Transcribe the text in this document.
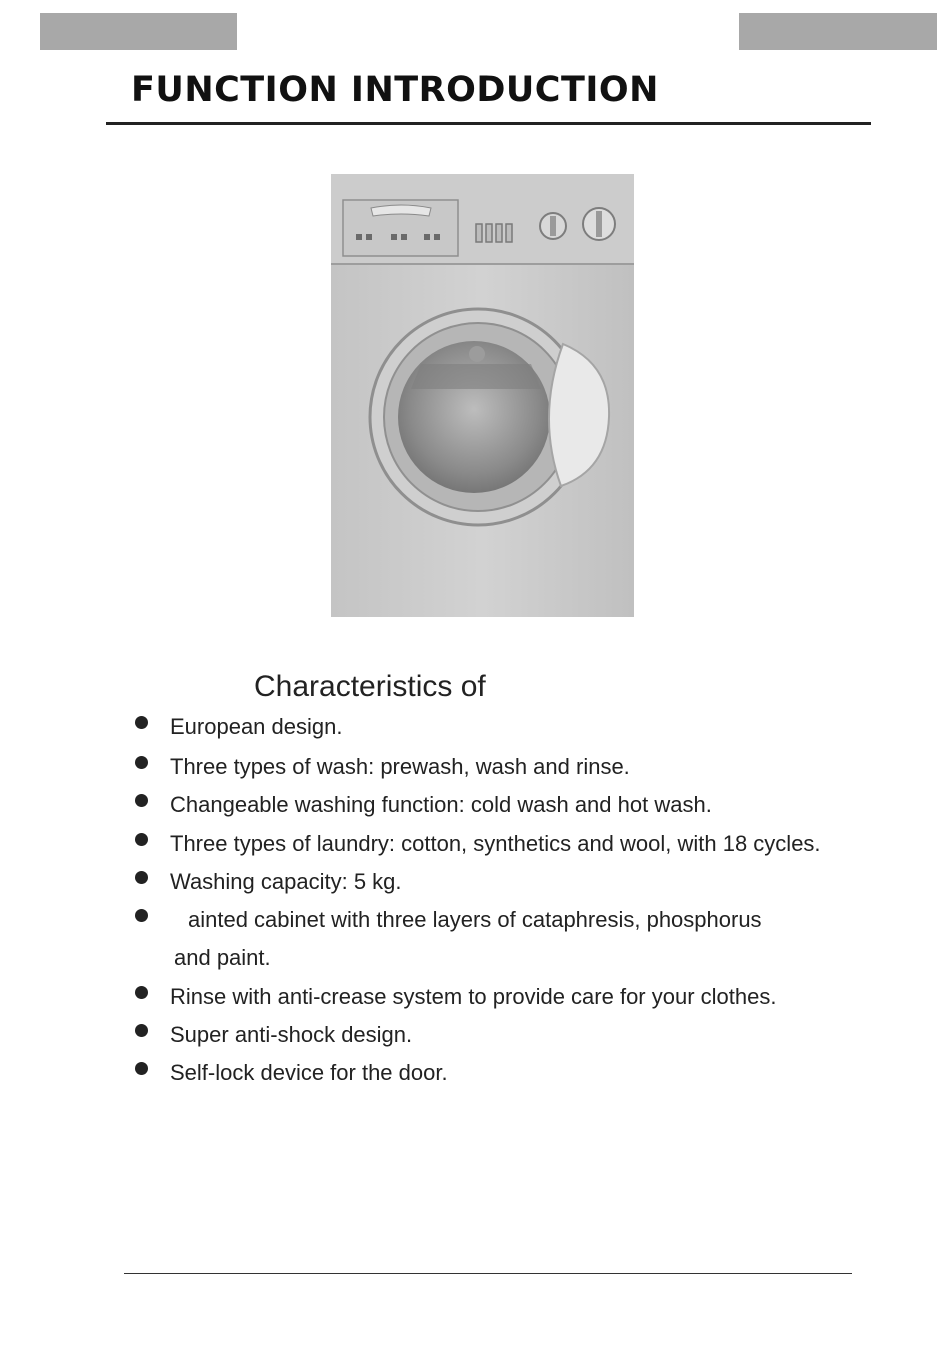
FUNCTION INTRODUCTION
Characteristics of
European design.
Three types of wash: prewash, wash and rinse.
Changeable washing function: cold wash and hot wash.
Three types of laundry: cotton, synthetics and wool, with 18 cycles.
Washing capacity: 5 kg.
ainted cabinet with three layers of cataphresis, phosphorus
and paint.
Rinse with anti-crease system to provide care for your clothes.
Super anti-shock design.
Self-lock device for the door.
